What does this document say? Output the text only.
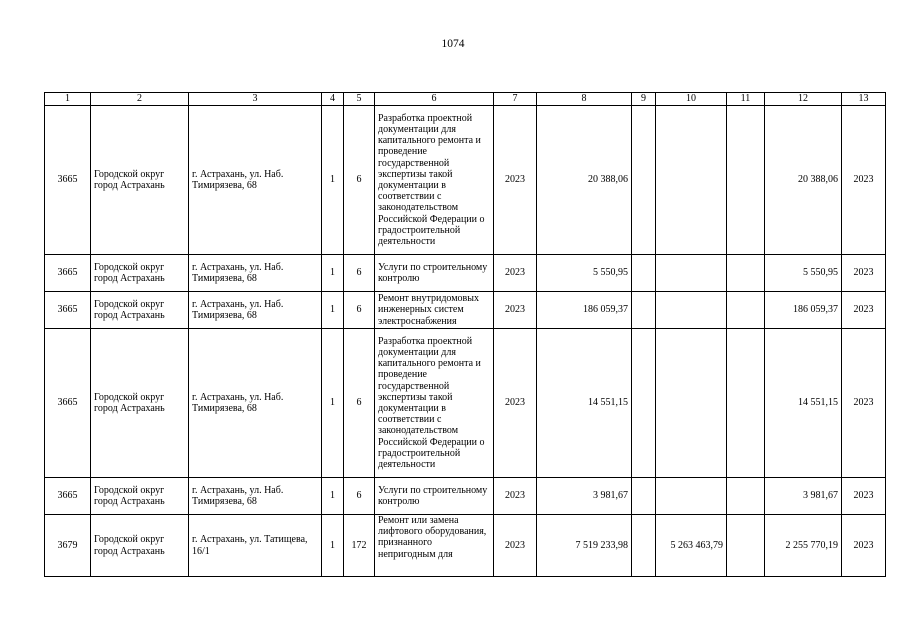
1074
1	2	3	4	5	6	7	8	9	10	11	12	13
3665	Городской округ город Астрахань	г. Астрахань, ул. Наб. Тимирязева, 68	1	6	Разработка проектной документации для капитального ремонта и проведение государственной экспертизы такой документации в соответствии с законодательством Российской Федерации о градостроительной деятельности	2023	20 388,06				20 388,06	2023
3665	Городской округ город Астрахань	г. Астрахань, ул. Наб. Тимирязева, 68	1	6	Услуги по строительному контролю	2023	5 550,95				5 550,95	2023
3665	Городской округ город Астрахань	г. Астрахань, ул. Наб. Тимирязева, 68	1	6	Ремонт внутридомовых инженерных систем электроснабжения	2023	186 059,37				186 059,37	2023
3665	Городской округ город Астрахань	г. Астрахань, ул. Наб. Тимирязева, 68	1	6	Разработка проектной документации для капитального ремонта и проведение государственной экспертизы такой документации в соответствии с законодательством Российской Федерации о градостроительной деятельности	2023	14 551,15				14 551,15	2023
3665	Городской округ город Астрахань	г. Астрахань, ул. Наб. Тимирязева, 68	1	6	Услуги по строительному контролю	2023	3 981,67				3 981,67	2023
3679	Городской округ город Астрахань	г. Астрахань, ул. Татищева, 16/1	1	172	Ремонт или замена лифтового оборудования, признанного непригодным для	2023	7 519 233,98		5 263 463,79		2 255 770,19	2023
